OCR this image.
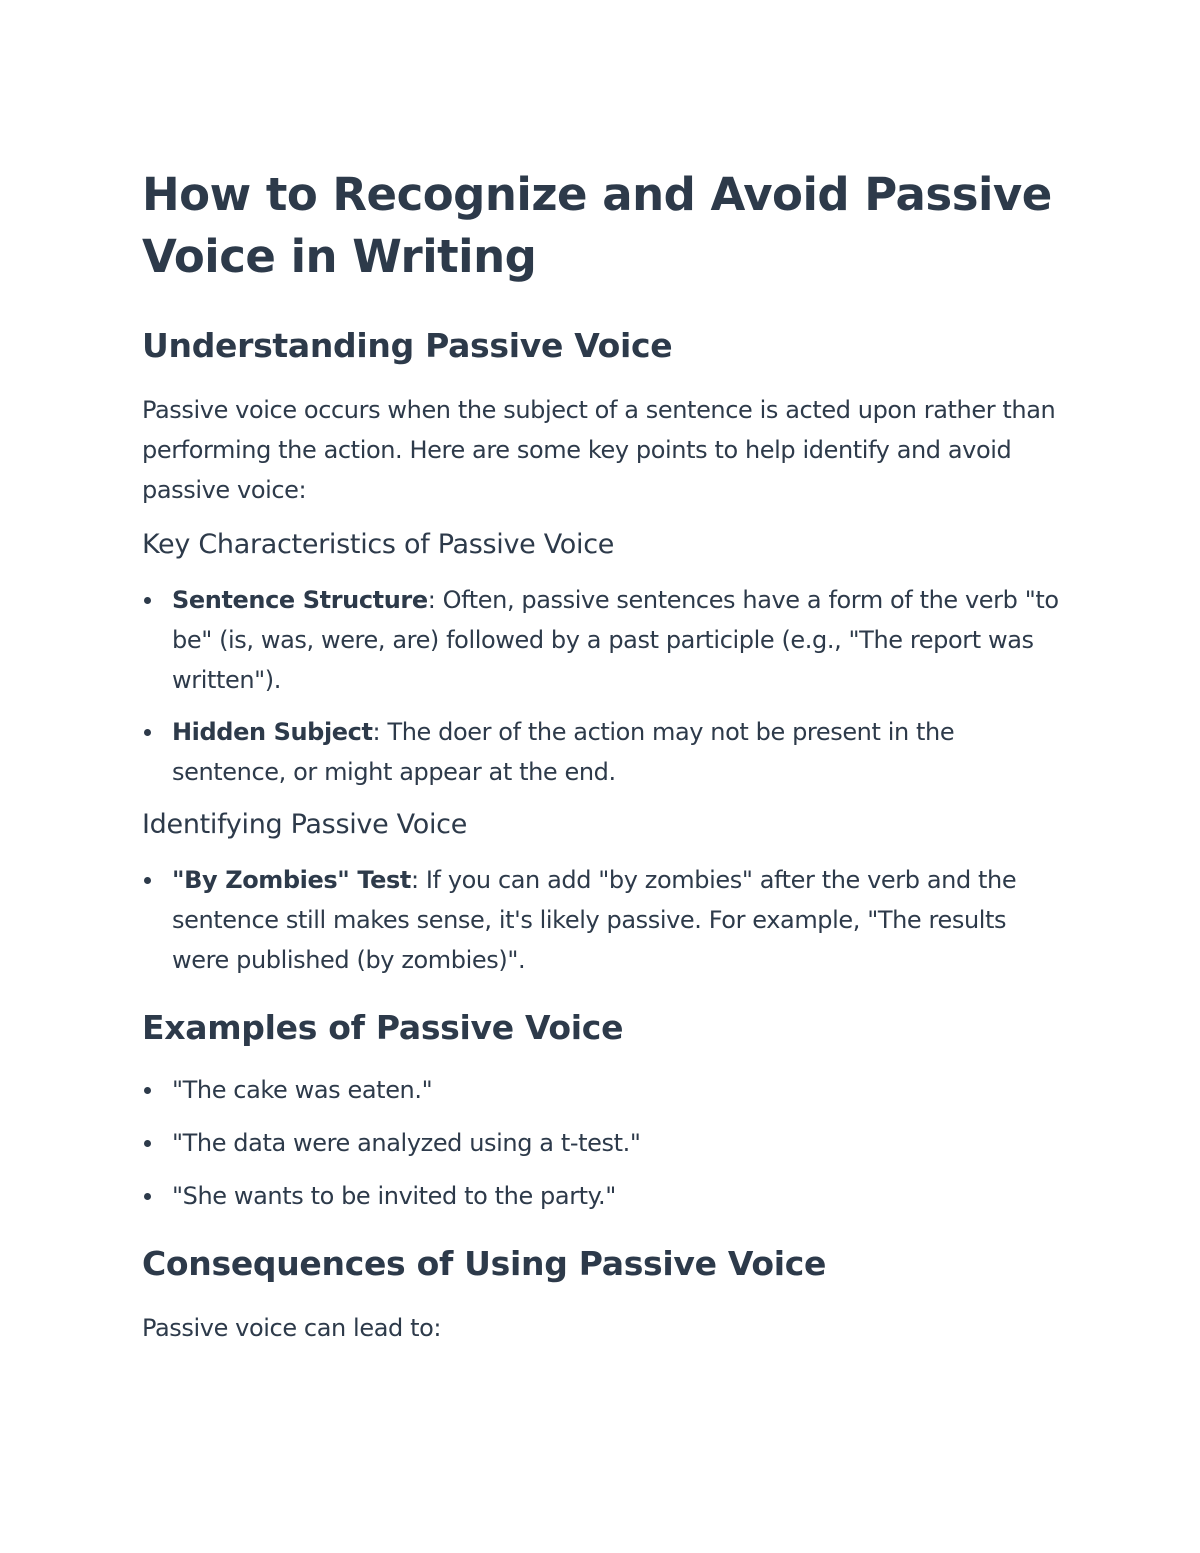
How to Recognize and Avoid Passive Voice in Writing
Understanding Passive Voice

Passive voice occurs when the subject of a sentence is acted upon rather than performing the action. Here are some key points to help identify and avoid passive voice:

Key Characteristics of Passive Voice
Sentence Structure: Often, passive sentences have a form of the verb "to be" (is, was, were, are) followed by a past participle (e.g., "The report was written").
Hidden Subject: The doer of the action may not be present in the sentence, or might appear at the end.
Identifying Passive Voice
"By Zombies" Test: If you can add "by zombies" after the verb and the sentence still makes sense, it's likely passive. For example, "The results were published (by zombies)".
Examples of Passive Voice
"The cake was eaten."
"The data were analyzed using a t-test."
"She wants to be invited to the party."
Consequences of Using Passive Voice

Passive voice can lead to:
